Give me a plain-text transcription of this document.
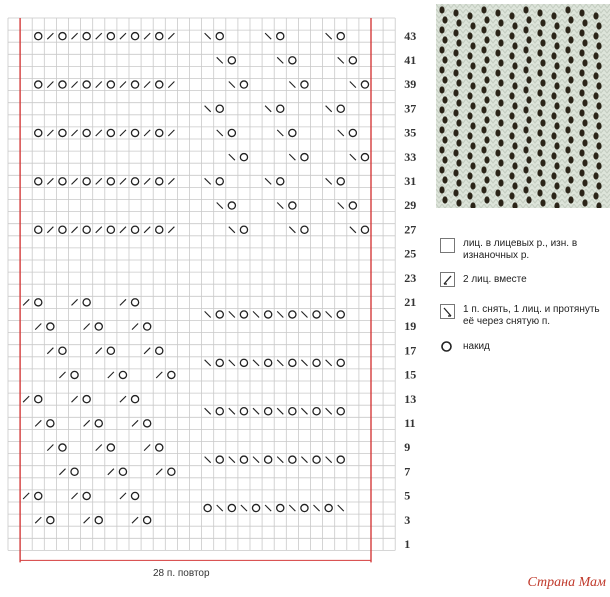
43
41
39
37
35
33
31
29
27
25
23
21
19
17
15
13
11
9
7
5
3
1
лиц. в лицевых р., изн. в изнаночных р.
2 лиц. вместе
1 п. снять, 1 лиц. и протянуть её через снятую п.
накид
28 п. повтор
Страна Мам
